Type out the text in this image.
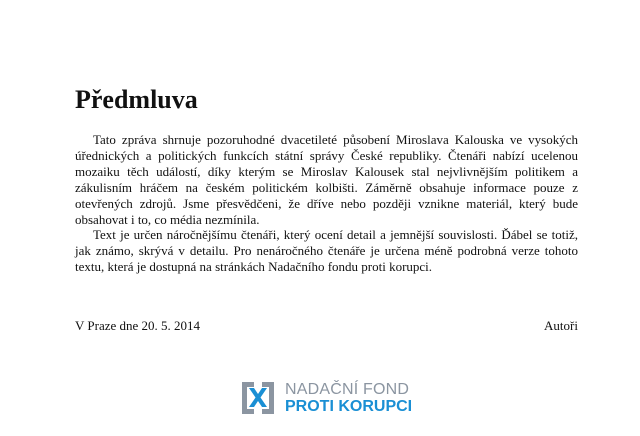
Předmluva

Tato zpráva shrnuje pozoruhodné dvacetileté působení Miroslava Kalouska ve vysokých úřednických a politických funkcích státní správy České republiky. Čtenáři nabízí ucelenou mozaiku těch událostí, díky kterým se Miroslav Kalousek stal nejvlivnějším politikem a zákulisním hráčem na českém politickém kolbišti. Záměrně obsahuje informace pouze z otevřených zdrojů. Jsme přesvědčeni, že dříve nebo později vznikne materiál, který bude obsahovat i to, co média nezmínila.

Text je určen náročnějšímu čtenáři, který ocení detail a jemnější souvislosti. Ďábel se totiž, jak známo, skrývá v detailu. Pro nenáročného čtenáře je určena méně podrobná verze tohoto textu, která je dostupná na stránkách Nadačního fondu proti korupci.

V Praze dne 20. 5. 2014	Autoři
NADAČNÍ FOND
PROTI KORUPCI
